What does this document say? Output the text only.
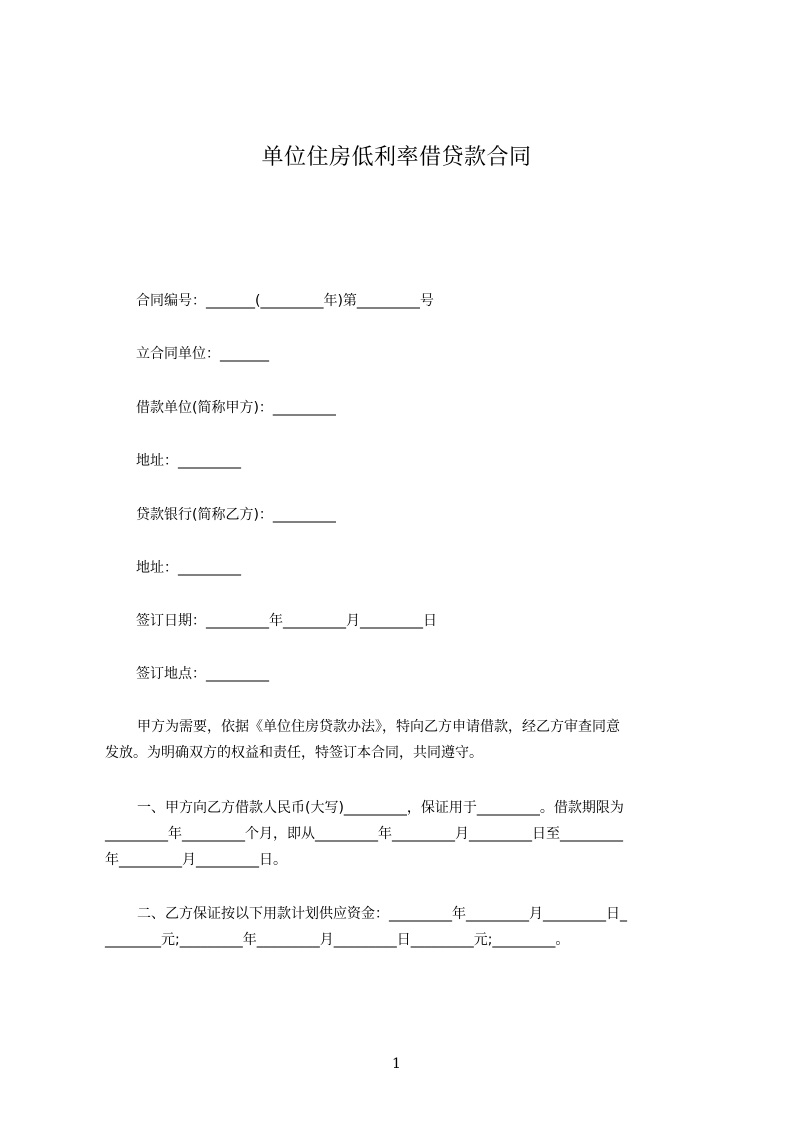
单位住房低利率借贷款合同
合同编号：_______(_________年)第_________号
立合同单位：_______
借款单位(简称甲方)：_________
地址：_________
贷款银行(简称乙方)：_________
地址：_________
签订日期：_________年_________月_________日
签订地点：_________
甲方为需要，依据《单位住房贷款办法》，特向乙方申请借款，经乙方审查同意
发放。为明确双方的权益和责任，特签订本合同，共同遵守。
一、甲方向乙方借款人民币(大写)_________，保证用于_________。借款期限为
_________年_________个月，即从_________年_________月_________日至_________
年_________月_________日。
二、乙方保证按以下用款计划供应资金：_________年_________月_________日_
________元;_________年_________月_________日_________元;_________。
1
